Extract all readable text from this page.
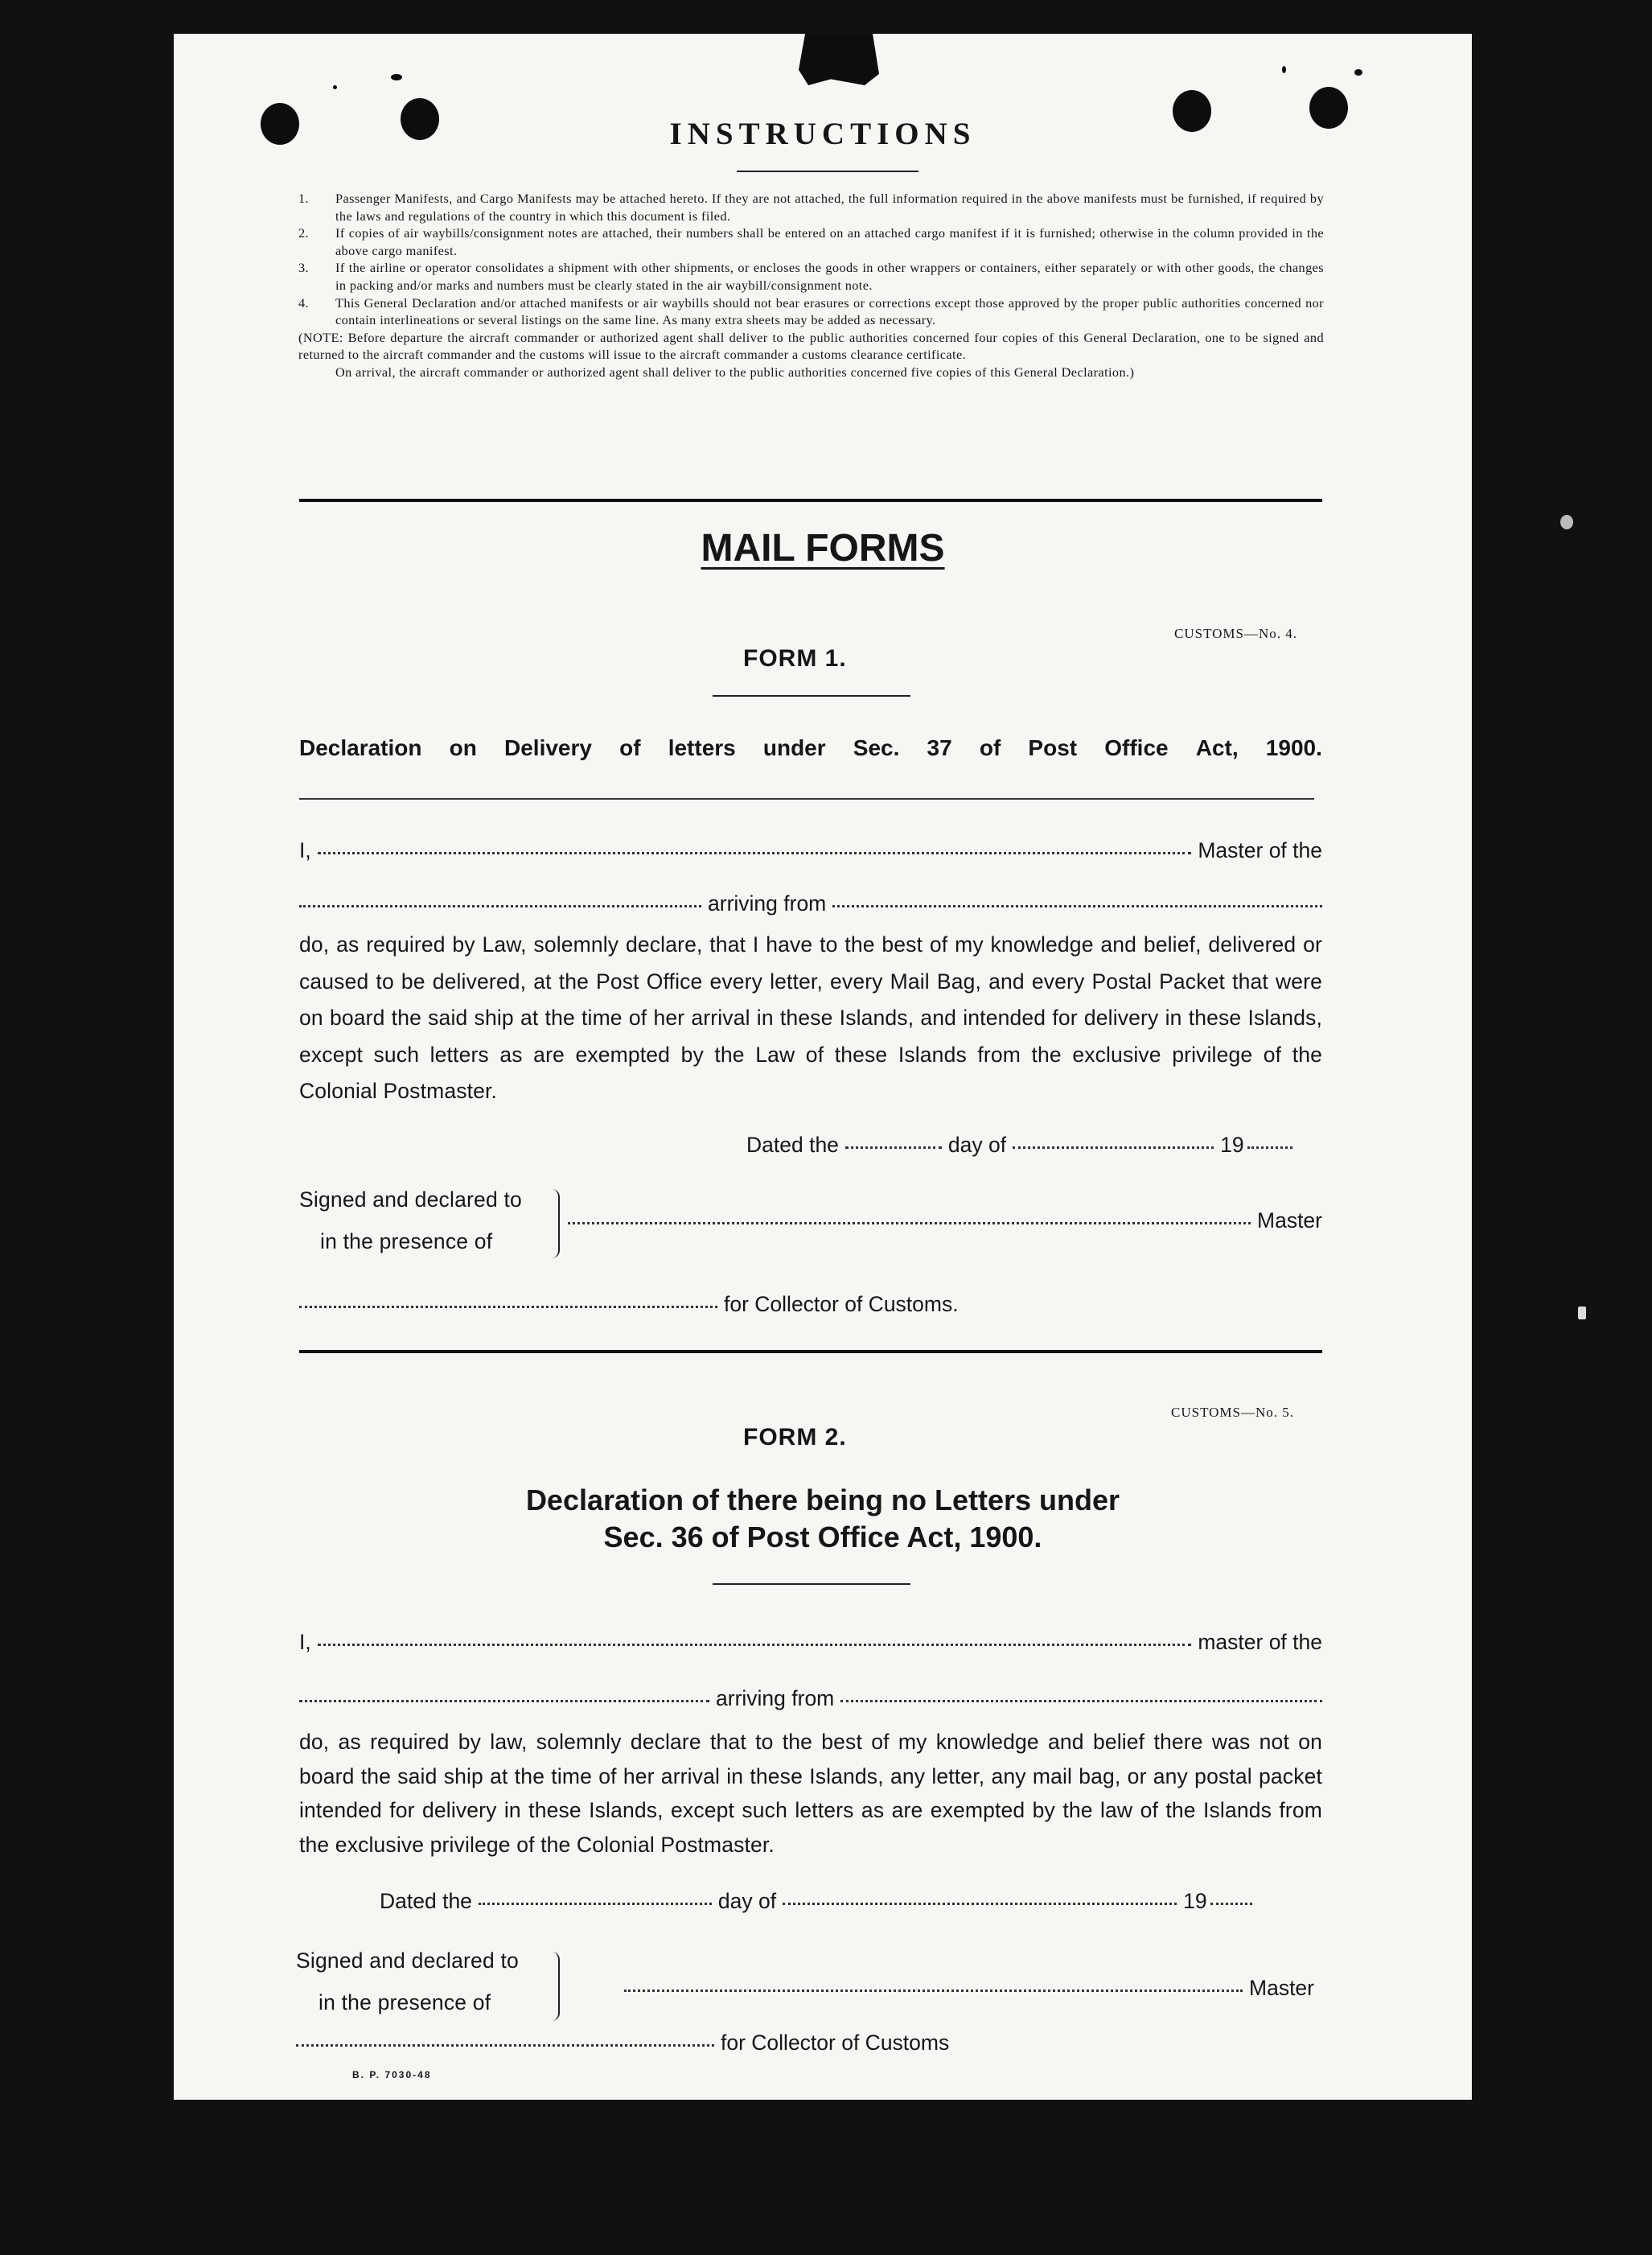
INSTRUCTIONS
1. Passenger Manifests, and Cargo Manifests may be attached hereto. If they are not attached, the full information required in the above manifests must be furnished, if required by the laws and regulations of the country in which this document is filed.
2. If copies of air waybills/consignment notes are attached, their numbers shall be entered on an attached cargo manifest if it is furnished; otherwise in the column provided in the above cargo manifest.
3. If the airline or operator consolidates a shipment with other shipments, or encloses the goods in other wrappers or containers, either separately or with other goods, the changes in packing and/or marks and numbers must be clearly stated in the air waybill/consignment note.
4. This General Declaration and/or attached manifests or air waybills should not bear erasures or corrections except those approved by the proper public authorities concerned nor contain interlineations or several listings on the same line. As many extra sheets may be added as necessary.
(NOTE: Before departure the aircraft commander or authorized agent shall deliver to the public authorities concerned four copies of this General Declaration, one to be signed and returned to the aircraft commander and the customs will issue to the aircraft commander a customs clearance certificate.
On arrival, the aircraft commander or authorized agent shall deliver to the public authorities concerned five copies of this General Declaration.)
MAIL FORMS
CUSTOMS—No. 4.
FORM 1.
Declaration on Delivery of letters under Sec. 37 of Post Office Act, 1900.
I,	Master of the
arriving from
do, as required by Law, solemnly declare, that I have to the best of my knowledge and belief, delivered or caused to be delivered, at the Post Office every letter, every Mail Bag, and every Postal Packet that were on board the said ship at the time of her arrival in these Islands, and intended for delivery in these Islands, except such letters as are exempted by the Law of these Islands from the exclusive privilege of the Colonial Postmaster.
Dated the	day of	19
Signed and declared to
in the presence of
Master
for Collector of Customs.
CUSTOMS—No. 5.
FORM 2.
Declaration of there being no Letters under
Sec. 36 of Post Office Act, 1900.
I,	master of the
arriving from
do, as required by law, solemnly declare that to the best of my knowledge and belief there was not on board the said ship at the time of her arrival in these Islands, any letter, any mail bag, or any postal packet intended for delivery in these Islands, except such letters as are exempted by the law of the Islands from the exclusive privilege of the Colonial Postmaster.
Dated the	day of	19
Signed and declared to
in the presence of
Master
for Collector of Customs
B. P. 7030-48
